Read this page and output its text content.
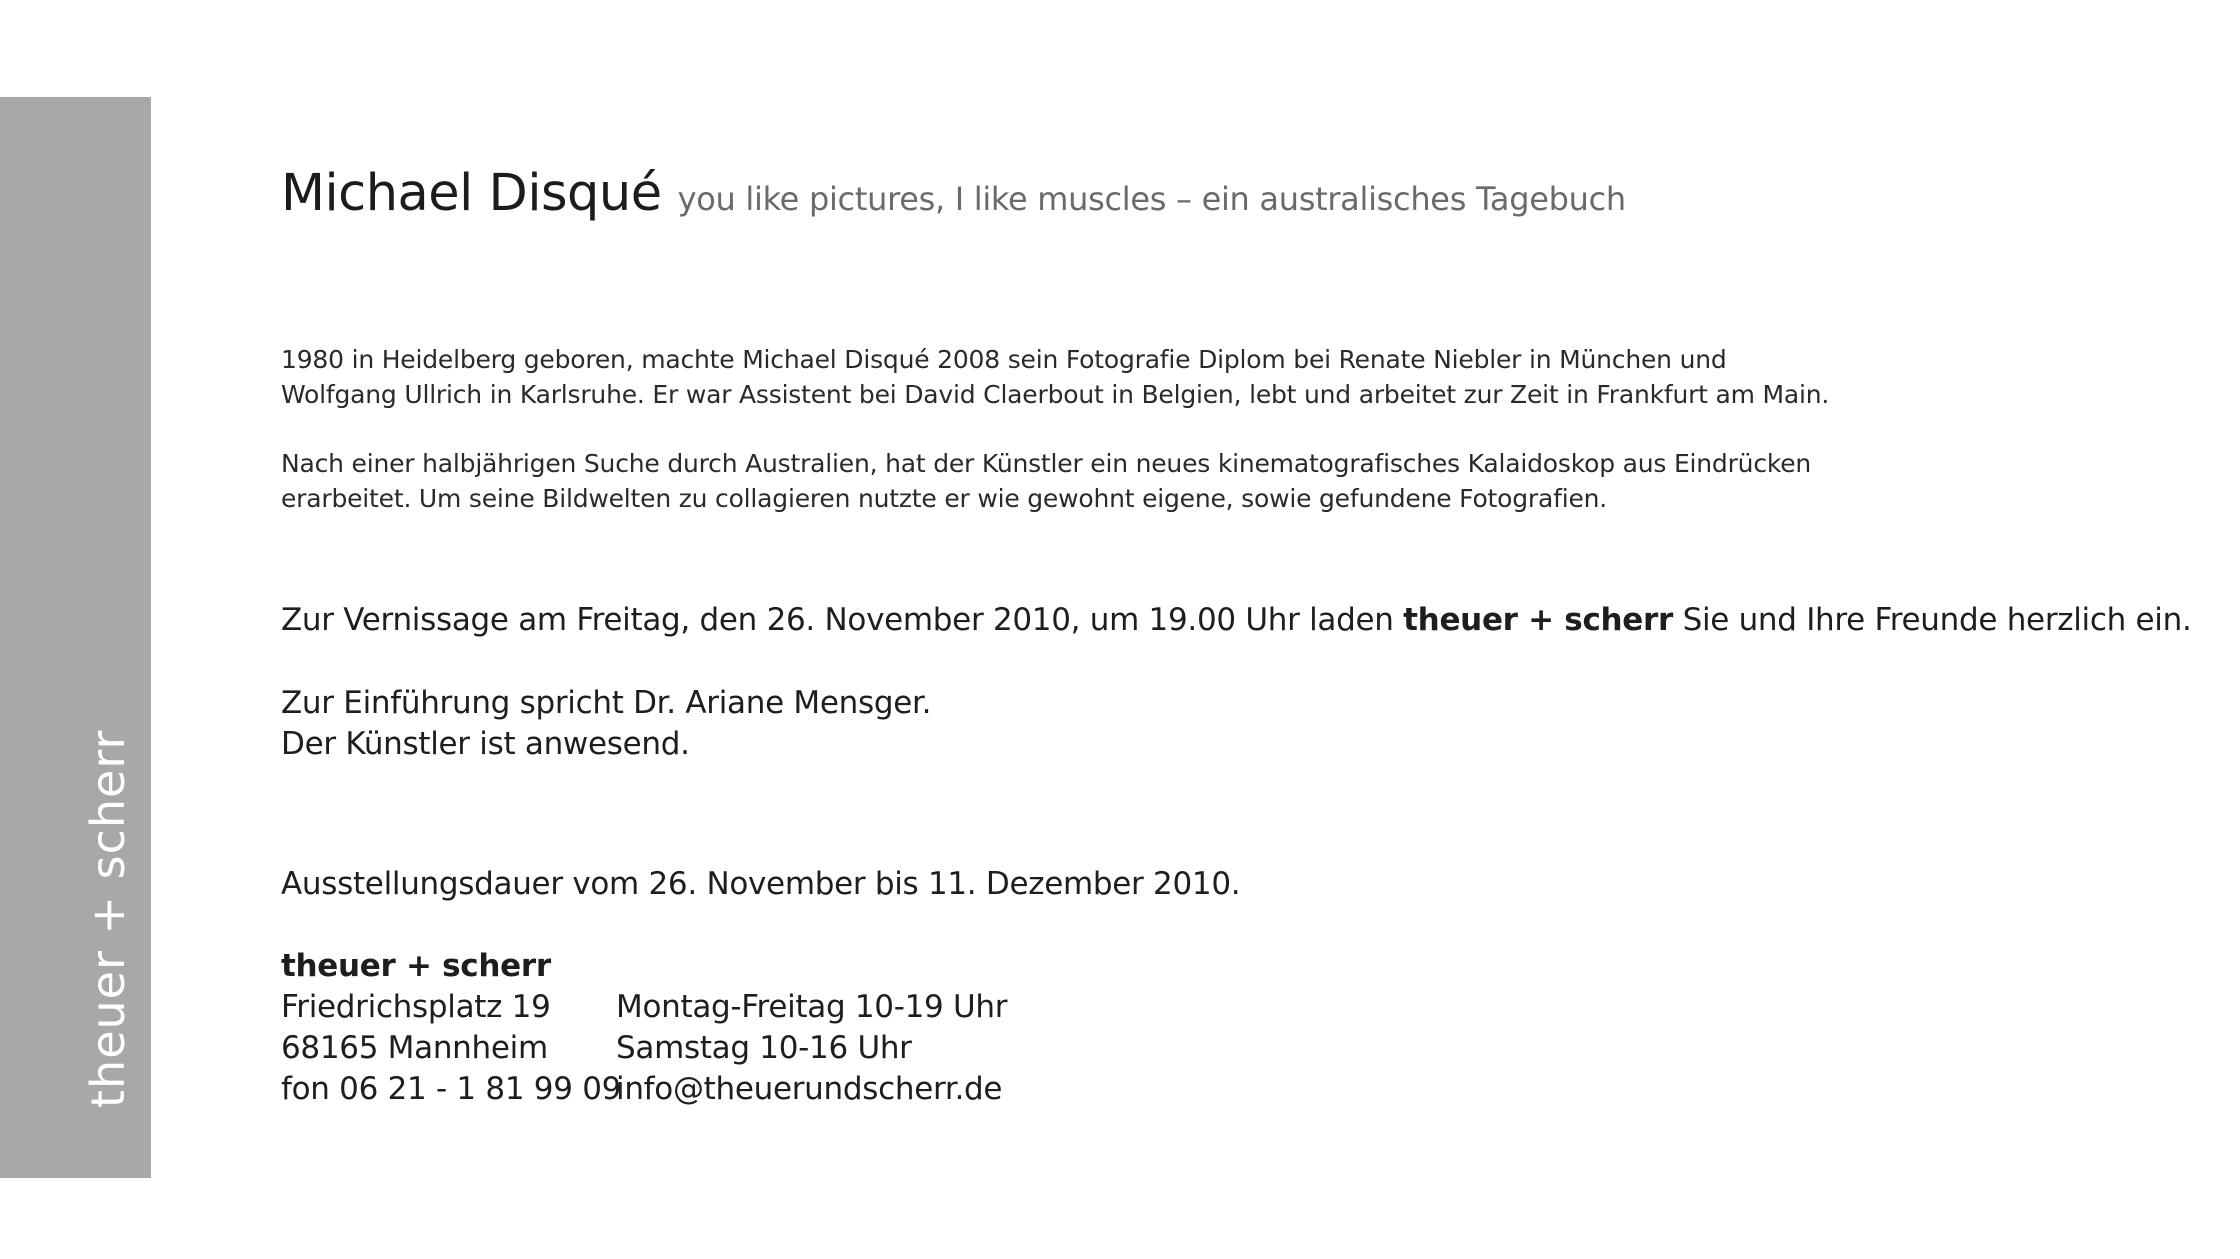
theuer + scherr
Michael Disqué you like pictures, I like muscles – ein australisches Tagebuch

1980 in Heidelberg geboren, machte Michael Disqué 2008 sein Fotografie Diplom bei Renate Niebler in München und
Wolfgang Ullrich in Karlsruhe. Er war Assistent bei David Claerbout in Belgien, lebt und arbeitet zur Zeit in Frankfurt am Main.

Nach einer halbjährigen Suche durch Australien, hat der Künstler ein neues kinematografisches Kalaidoskop aus Eindrücken
erarbeitet. Um seine Bildwelten zu collagieren nutzte er wie gewohnt eigene, sowie gefundene Fotografien.

Zur Vernissage am Freitag, den 26. November 2010, um 19.00 Uhr laden theuer + scherr Sie und Ihre Freunde herzlich ein.

Zur Einführung spricht Dr. Ariane Mensger.
Der Künstler ist anwesend.

Ausstellungsdauer vom 26. November bis 11. Dezember 2010.

theuer + scherr
Friedrichsplatz 19 Montag-Freitag 10-19 Uhr
68165 Mannheim Samstag 10-16 Uhr
fon 06 21 - 1 81 99 09
info@theuerundscherr.de
